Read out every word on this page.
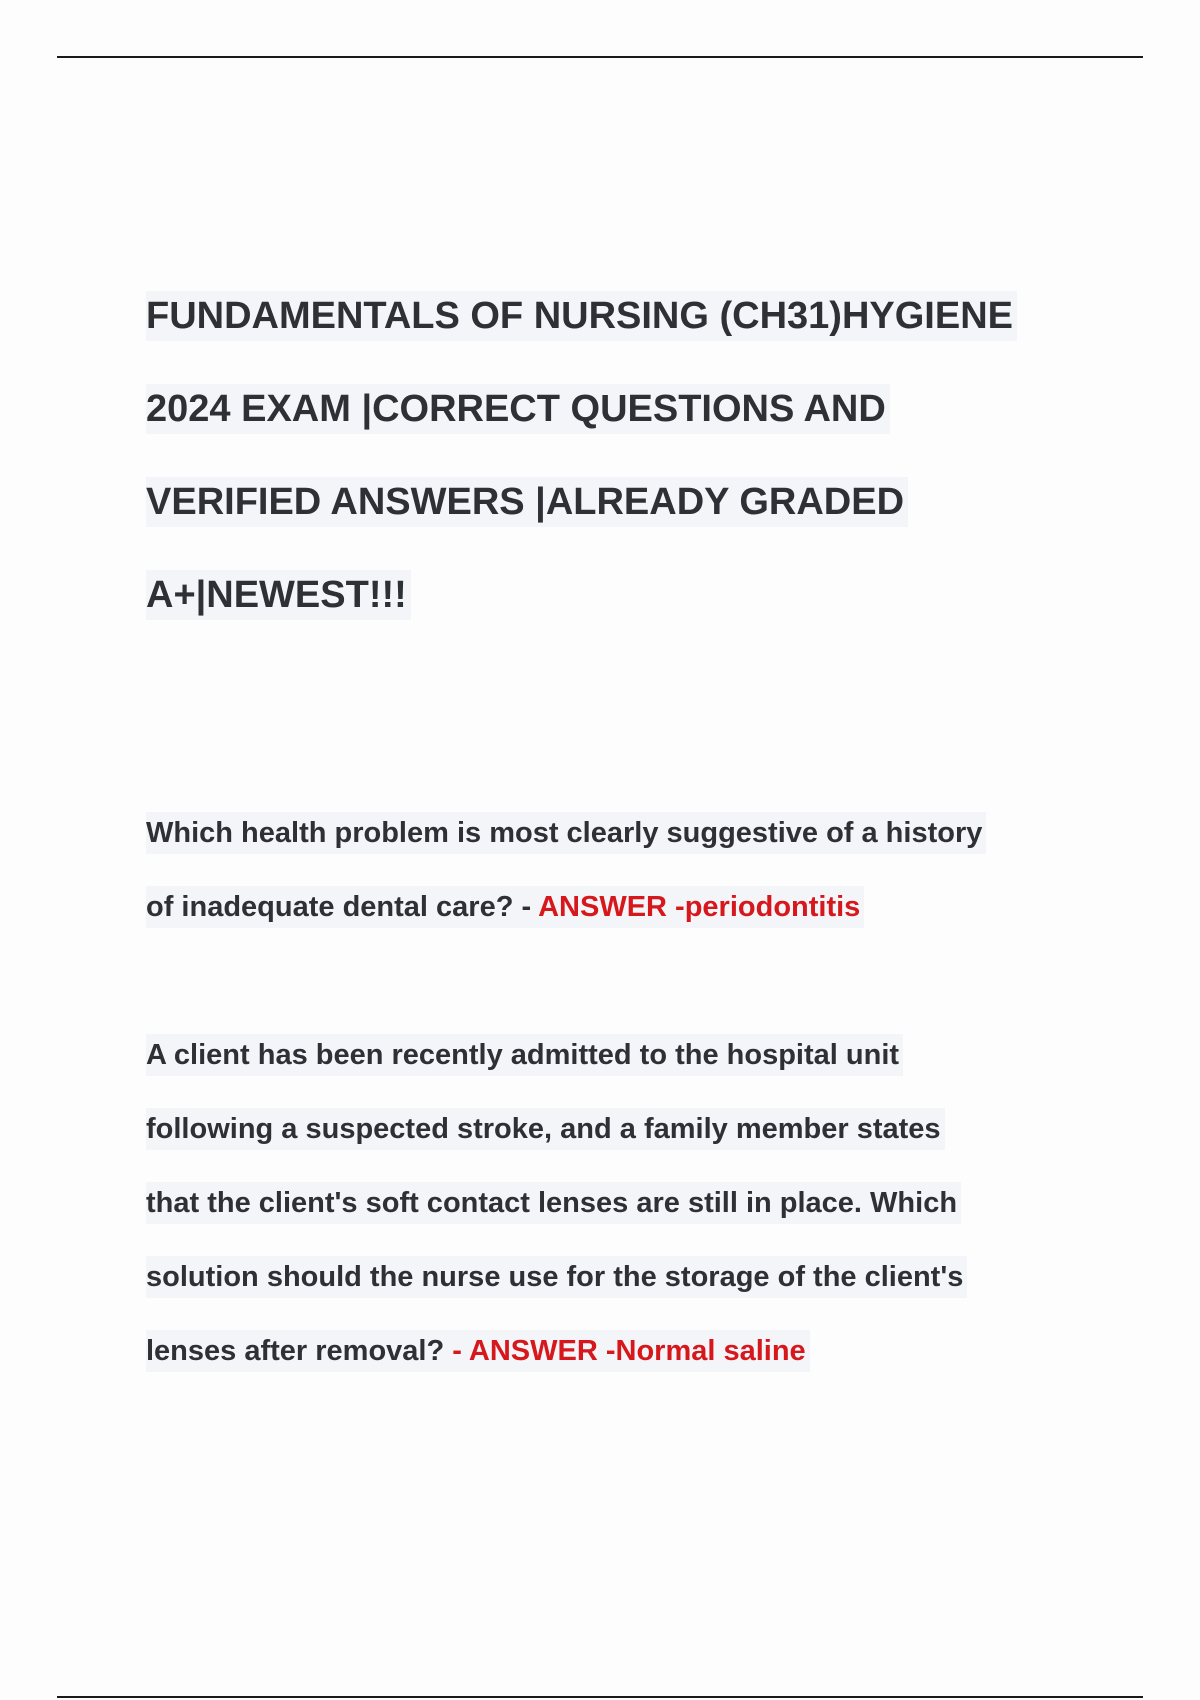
FUNDAMENTALS OF NURSING (CH31)HYGIENE
2024 EXAM |CORRECT QUESTIONS AND
VERIFIED ANSWERS |ALREADY GRADED
A+|NEWEST!!!
Which health problem is most clearly suggestive of a history
of inadequate dental care? - ANSWER -periodontitis
A client has been recently admitted to the hospital unit
following a suspected stroke, and a family member states
that the client's soft contact lenses are still in place. Which
solution should the nurse use for the storage of the client's
lenses after removal? - ANSWER -Normal saline
